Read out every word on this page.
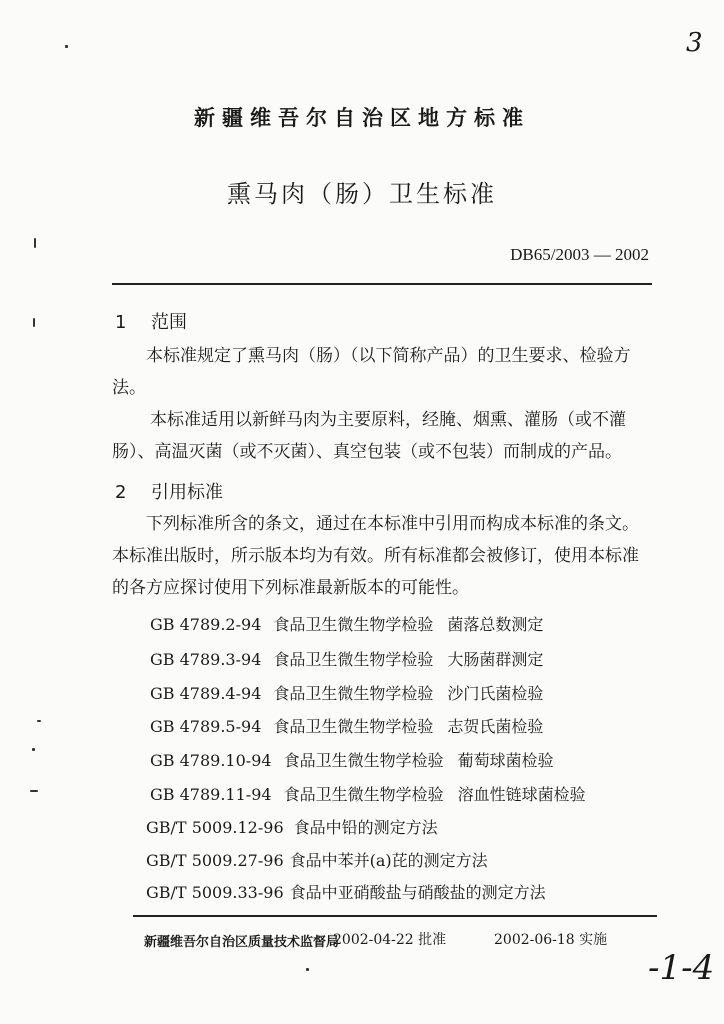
3
新疆维吾尔自治区地方标准
熏马肉（肠）卫生标准
DB65/2003 — 2002
1 范围
本标准规定了熏马肉（肠）（以下简称产品）的卫生要求、检验方法。
本标准适用以新鲜马肉为主要原料，经腌、烟熏、灌肠（或不灌肠）、高温灭菌（或不灭菌）、真空包装（或不包装）而制成的产品。
2 引用标准
下列标准所含的条文，通过在本标准中引用而构成本标准的条文。本标准出版时，所示版本均为有效。所有标准都会被修订，使用本标准的各方应探讨使用下列标准最新版本的可能性。
GB 4789.2-94 食品卫生微生物学检验 菌落总数测定
GB 4789.3-94 食品卫生微生物学检验 大肠菌群测定
GB 4789.4-94 食品卫生微生物学检验 沙门氏菌检验
GB 4789.5-94 食品卫生微生物学检验 志贺氏菌检验
GB 4789.10-94 食品卫生微生物学检验 葡萄球菌检验
GB 4789.11-94 食品卫生微生物学检验 溶血性链球菌检验
GB/T 5009.12-96 食品中铅的测定方法
GB/T 5009.27-96 食品中苯并(a)芘的测定方法
GB/T 5009.33-96 食品中亚硝酸盐与硝酸盐的测定方法
新疆维吾尔自治区质量技术监督局
2002-04-22 批准	2002-06-18 实施
-1-4
